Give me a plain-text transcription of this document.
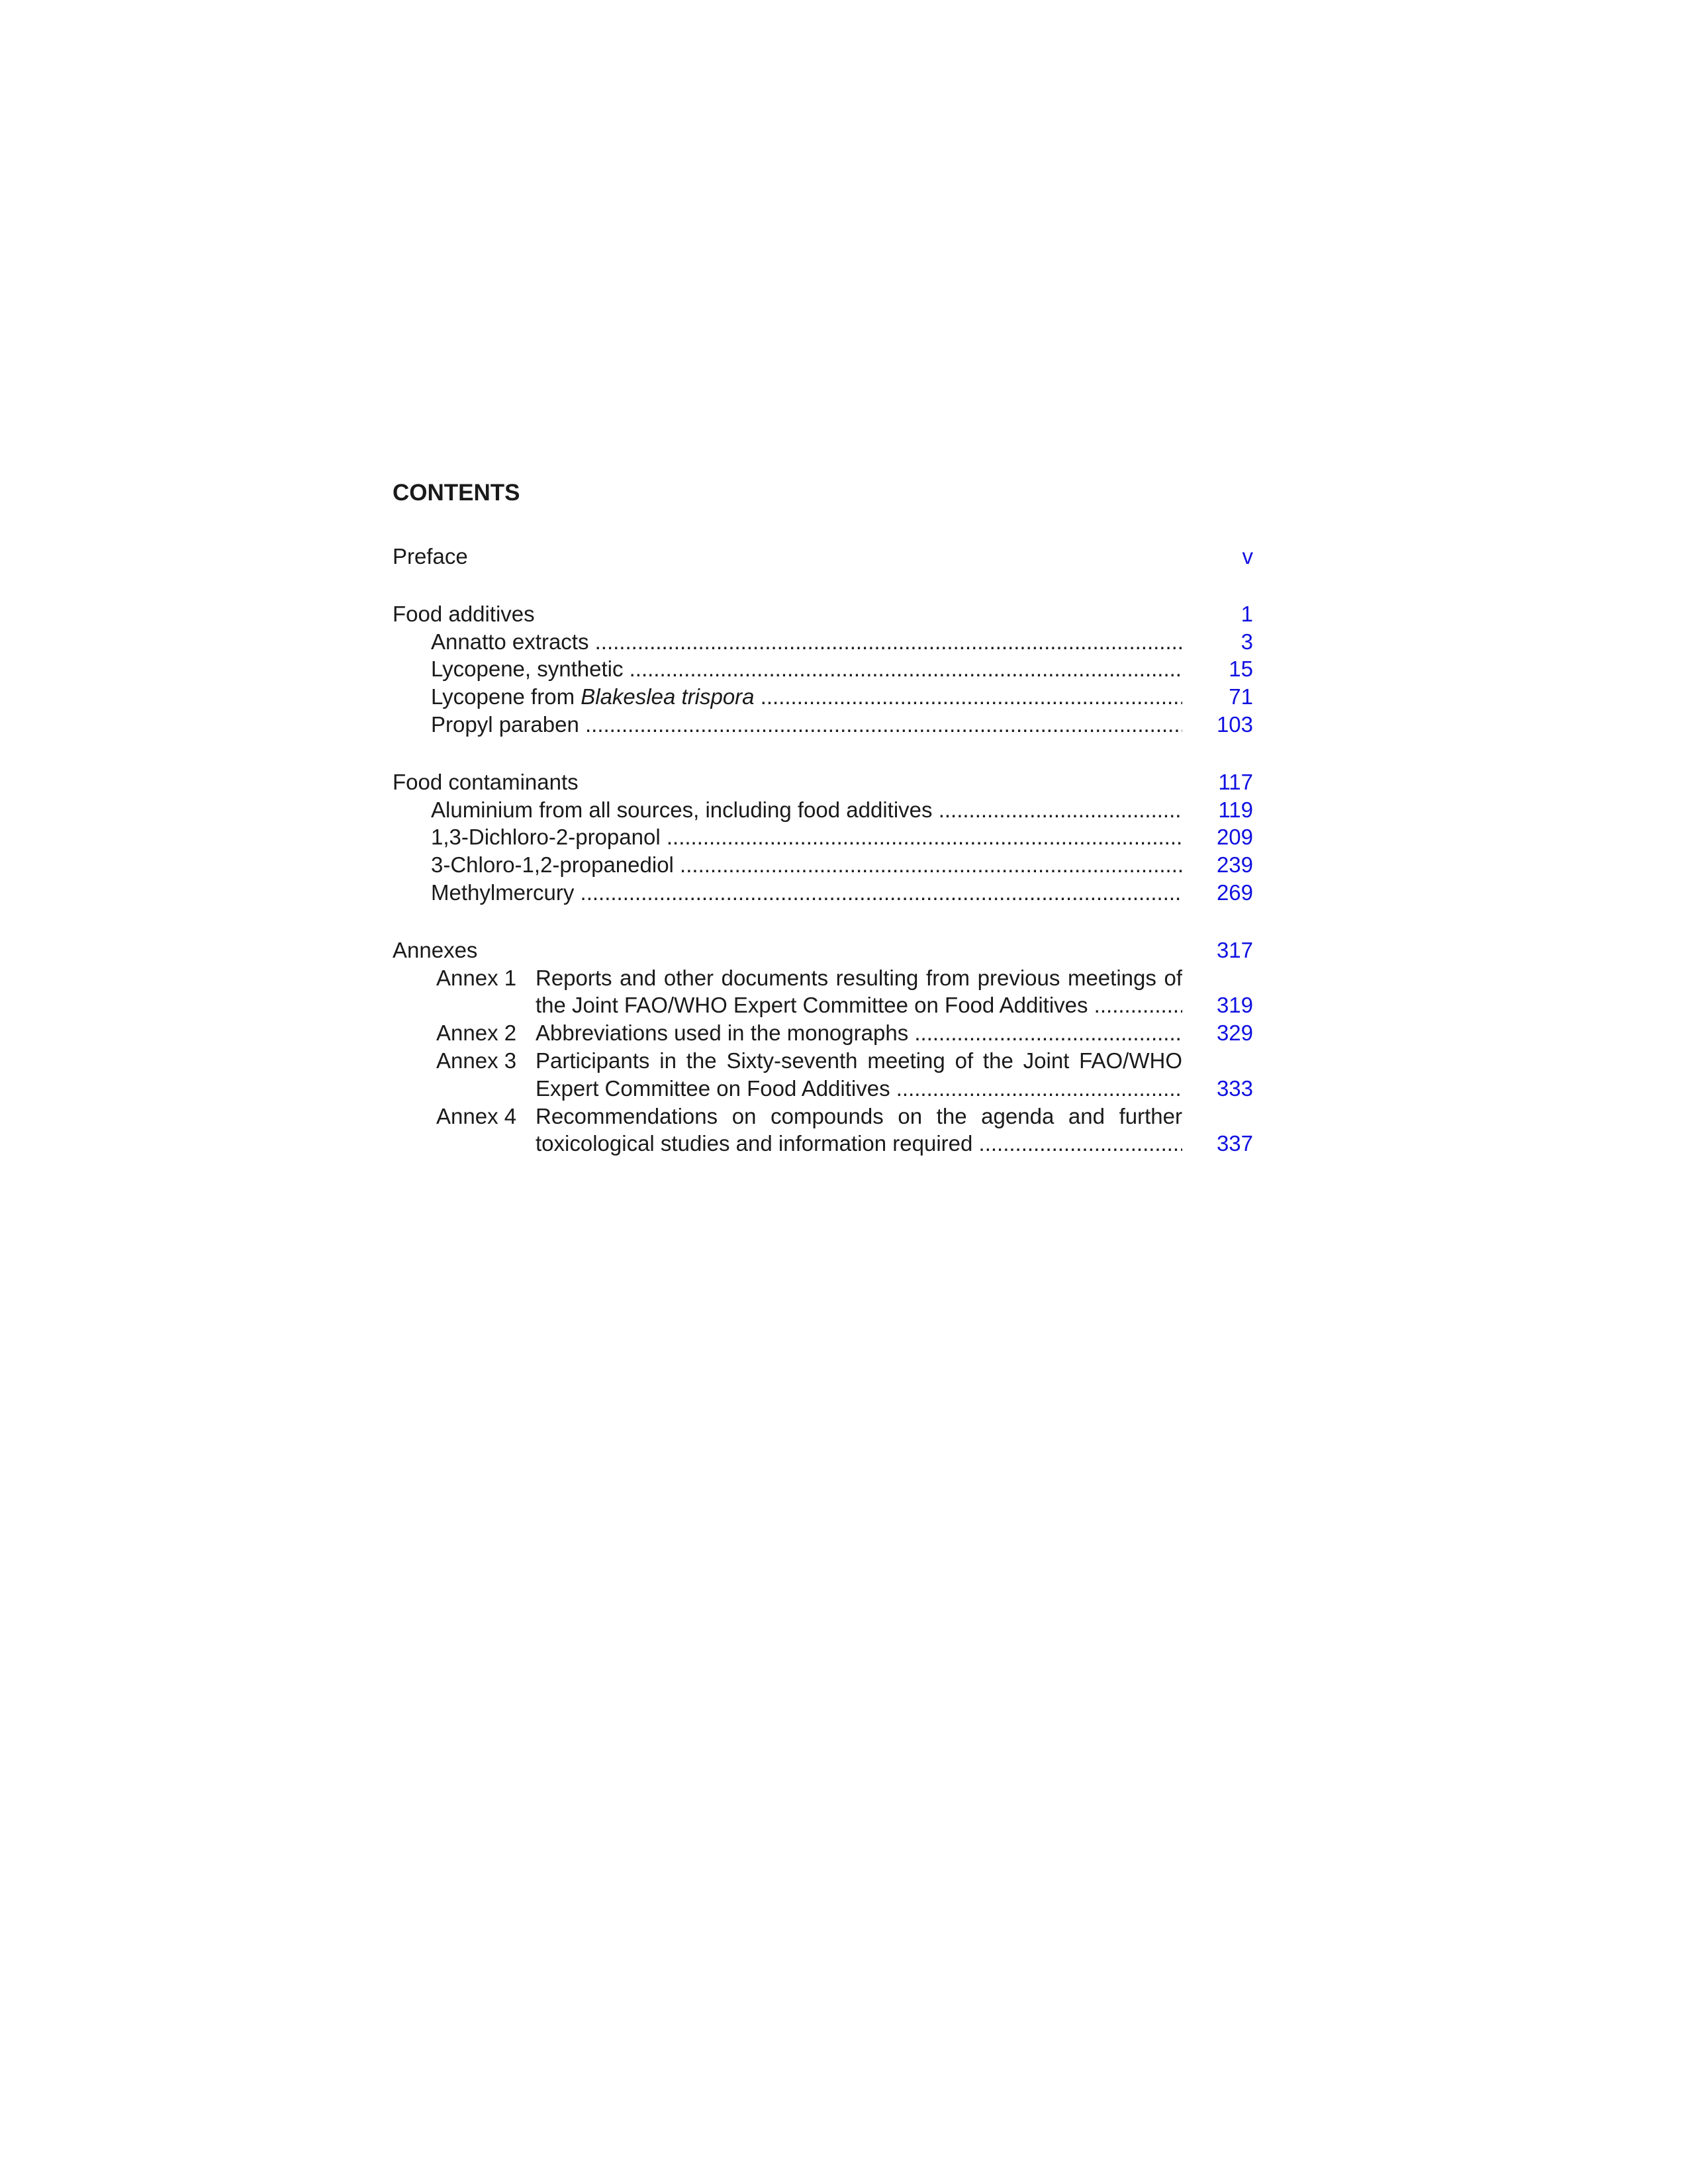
CONTENTS
Preface	v
Food additives	1
Annatto extracts .....	3
Lycopene, synthetic .....	15
Lycopene from Blakeslea trispora .....	71
Propyl paraben .....	103
Food contaminants	117
Aluminium from all sources, including food additives .....	119
1,3-Dichloro-2-propanol .....	209
3-Chloro-1,2-propanediol .....	239
Methylmercury .....	269
Annexes	317
Annex 1 Reports and other documents resulting from previous meetings of
the Joint FAO/WHO Expert Committee on Food Additives .....	319
Annex 2 Abbreviations used in the monographs .....	329
Annex 3 Participants in the Sixty-seventh meeting of the Joint FAO/WHO
Expert Committee on Food Additives .....	333
Annex 4 Recommendations on compounds on the agenda and further
toxicological studies and information required .....	337
